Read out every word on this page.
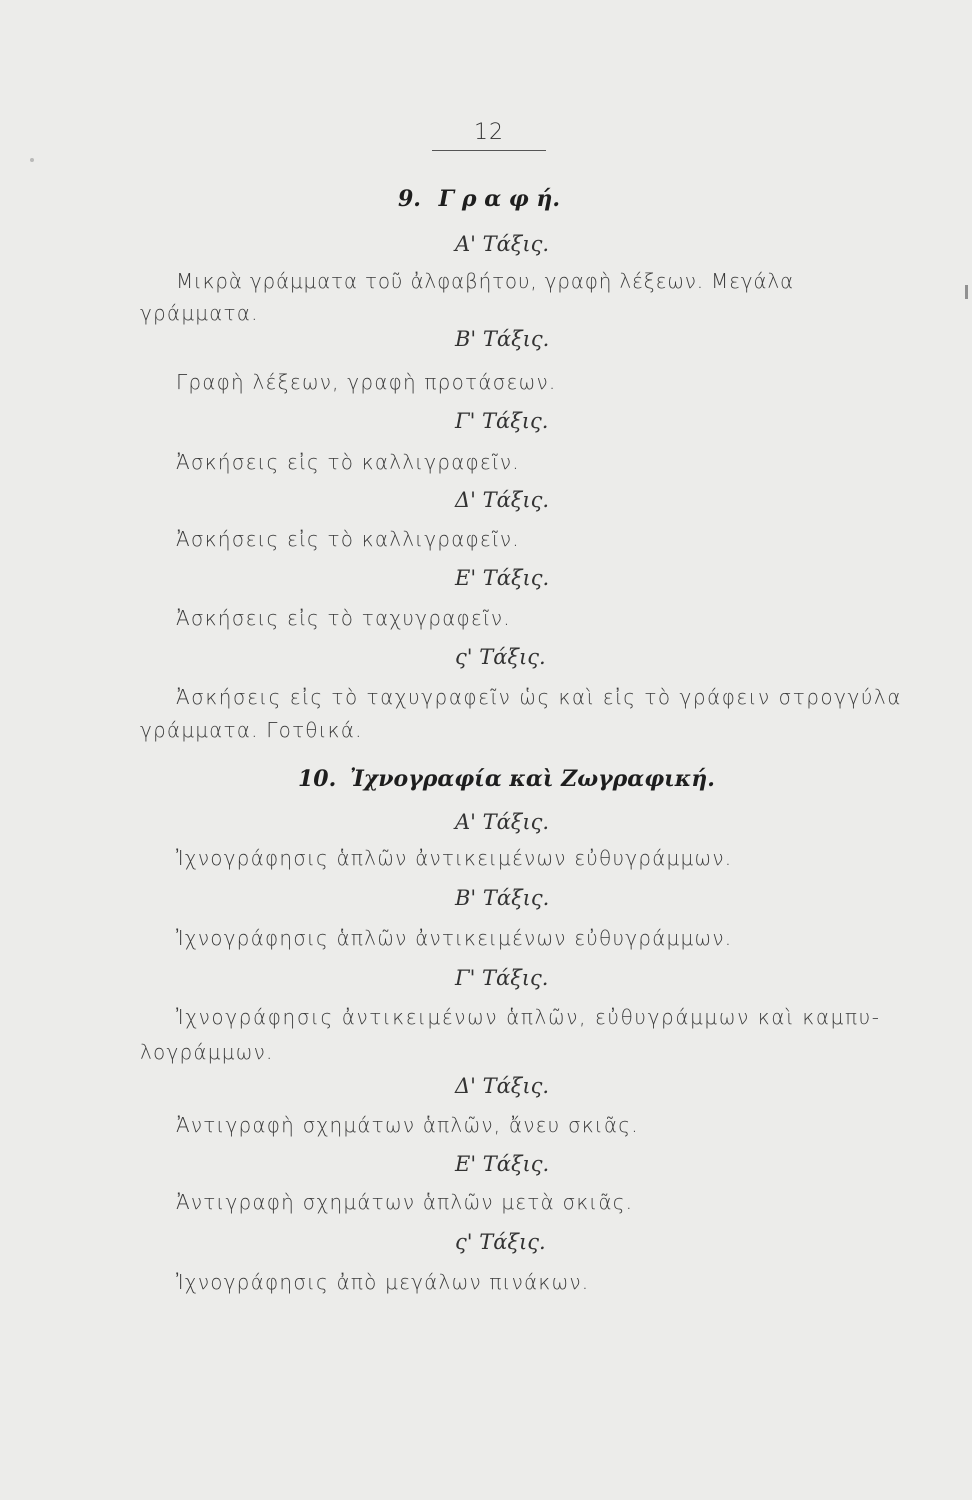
12
9. Γ ρ α φ ή.
Α' Τάξις.
Μικρὰ γράμματα τοῦ ἀλφαβήτου, γραφὴ λέξεων. Μεγάλα
γράμματα.
Β' Τάξις.
Γραφὴ λέξεων, γραφὴ προτάσεων.
Γ' Τάξις.
Ἀσκήσεις εἰς τὸ καλλιγραφεῖν.
Δ' Τάξις.
Ἀσκήσεις εἰς τὸ καλλιγραφεῖν.
Ε' Τάξις.
Ἀσκήσεις εἰς τὸ ταχυγραφεῖν.
ς' Τάξις.
Ἀσκήσεις εἰς τὸ ταχυγραφεῖν ὡς καὶ εἰς τὸ γράφειν στρογγύλα
γράμματα. Γοτθικά.
10. Ἰχνογραφία καὶ Ζωγραφική.
Α' Τάξις.
Ἰχνογράφησις ἁπλῶν ἀντικειμένων εὐθυγράμμων.
Β' Τάξις.
Ἰχνογράφησις ἁπλῶν ἀντικειμένων εὐθυγράμμων.
Γ' Τάξις.
Ἰχνογράφησις ἀντικειμένων ἁπλῶν, εὐθυγράμμων καὶ καμπυ-
λογράμμων.
Δ' Τάξις.
Ἀντιγραφὴ σχημάτων ἁπλῶν, ἄνευ σκιᾶς.
Ε' Τάξις.
Ἀντιγραφὴ σχημάτων ἁπλῶν μετὰ σκιᾶς.
ς' Τάξις.
Ἰχνογράφησις ἀπὸ μεγάλων πινάκων.
